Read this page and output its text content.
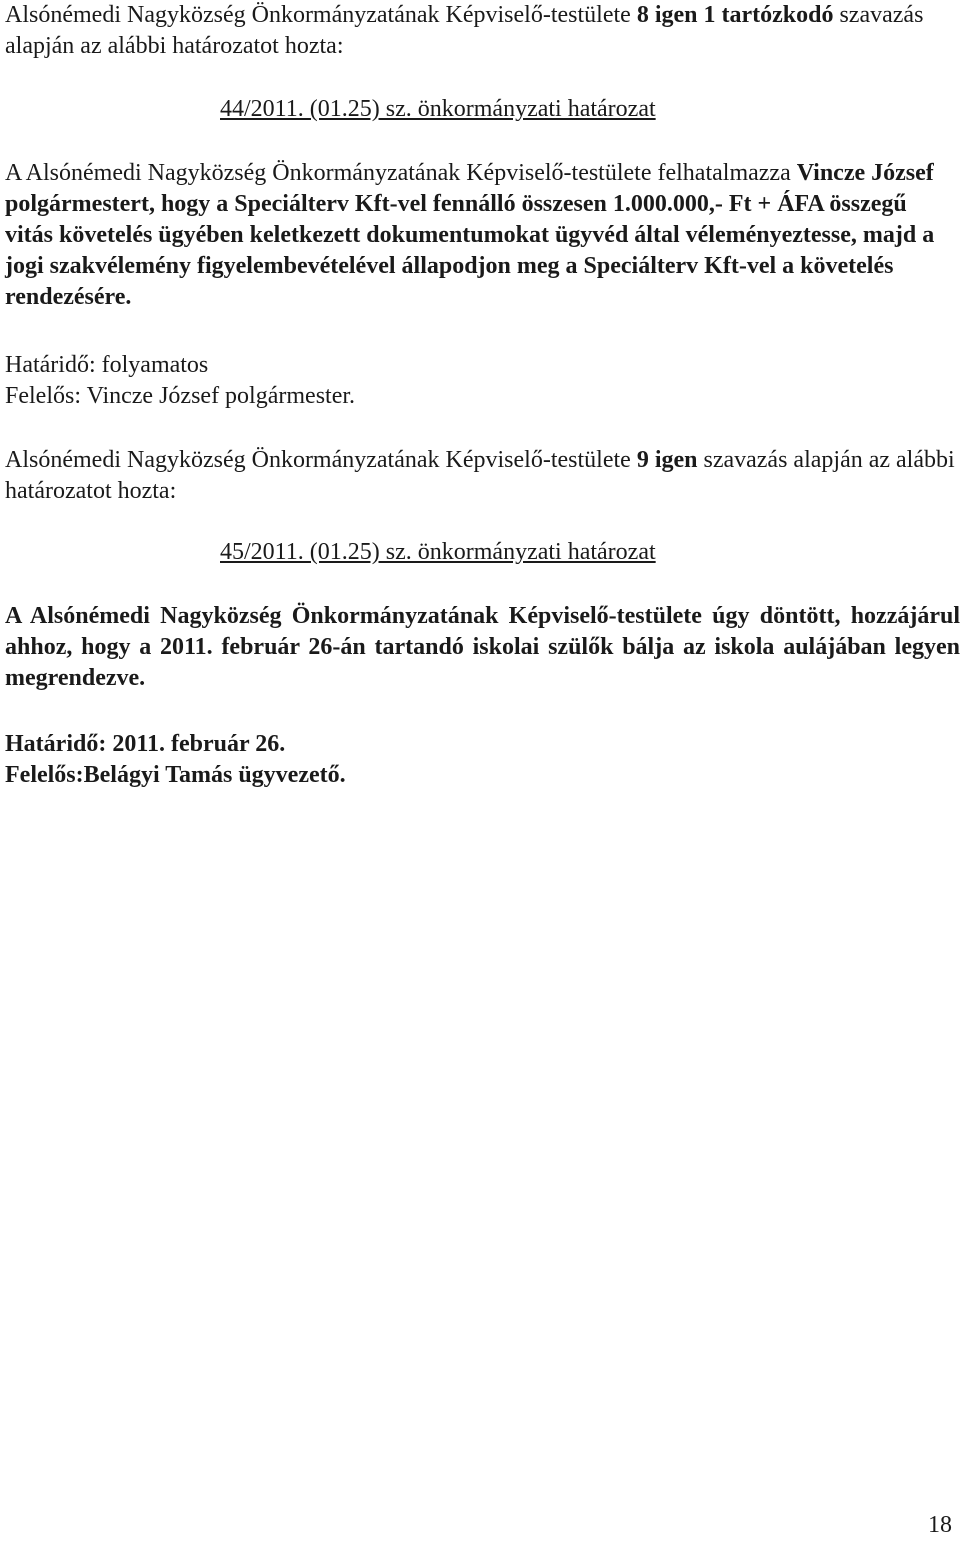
Alsónémedi Nagyközség Önkormányzatának Képviselő-testülete 8 igen 1 tartózkodó szavazás alapján az alábbi határozatot hozta:

44/2011. (01.25) sz. önkormányzati határozat

A Alsónémedi Nagyközség Önkormányzatának Képviselő-testülete felhatalmazza Vincze József polgármestert, hogy a Speciálterv Kft-vel fennálló összesen 1.000.000,- Ft + ÁFA összegű vitás követelés ügyében keletkezett dokumentumokat ügyvéd által véleményeztesse, majd a jogi szakvélemény figyelembevételével állapodjon meg a Speciálterv Kft-vel a követelés rendezésére.

Határidő: folyamatos

Felelős: Vincze József polgármester.

Alsónémedi Nagyközség Önkormányzatának Képviselő-testülete 9 igen szavazás alapján az alábbi határozatot hozta:

45/2011. (01.25) sz. önkormányzati határozat

A Alsónémedi Nagyközség Önkormányzatának Képviselő-testülete úgy döntött, hozzájárul ahhoz, hogy a 2011. február 26-án tartandó iskolai szülők bálja az iskola aulájában legyen megrendezve.

Határidő: 2011. február 26.

Felelős:Belágyi Tamás ügyvezető.

18
